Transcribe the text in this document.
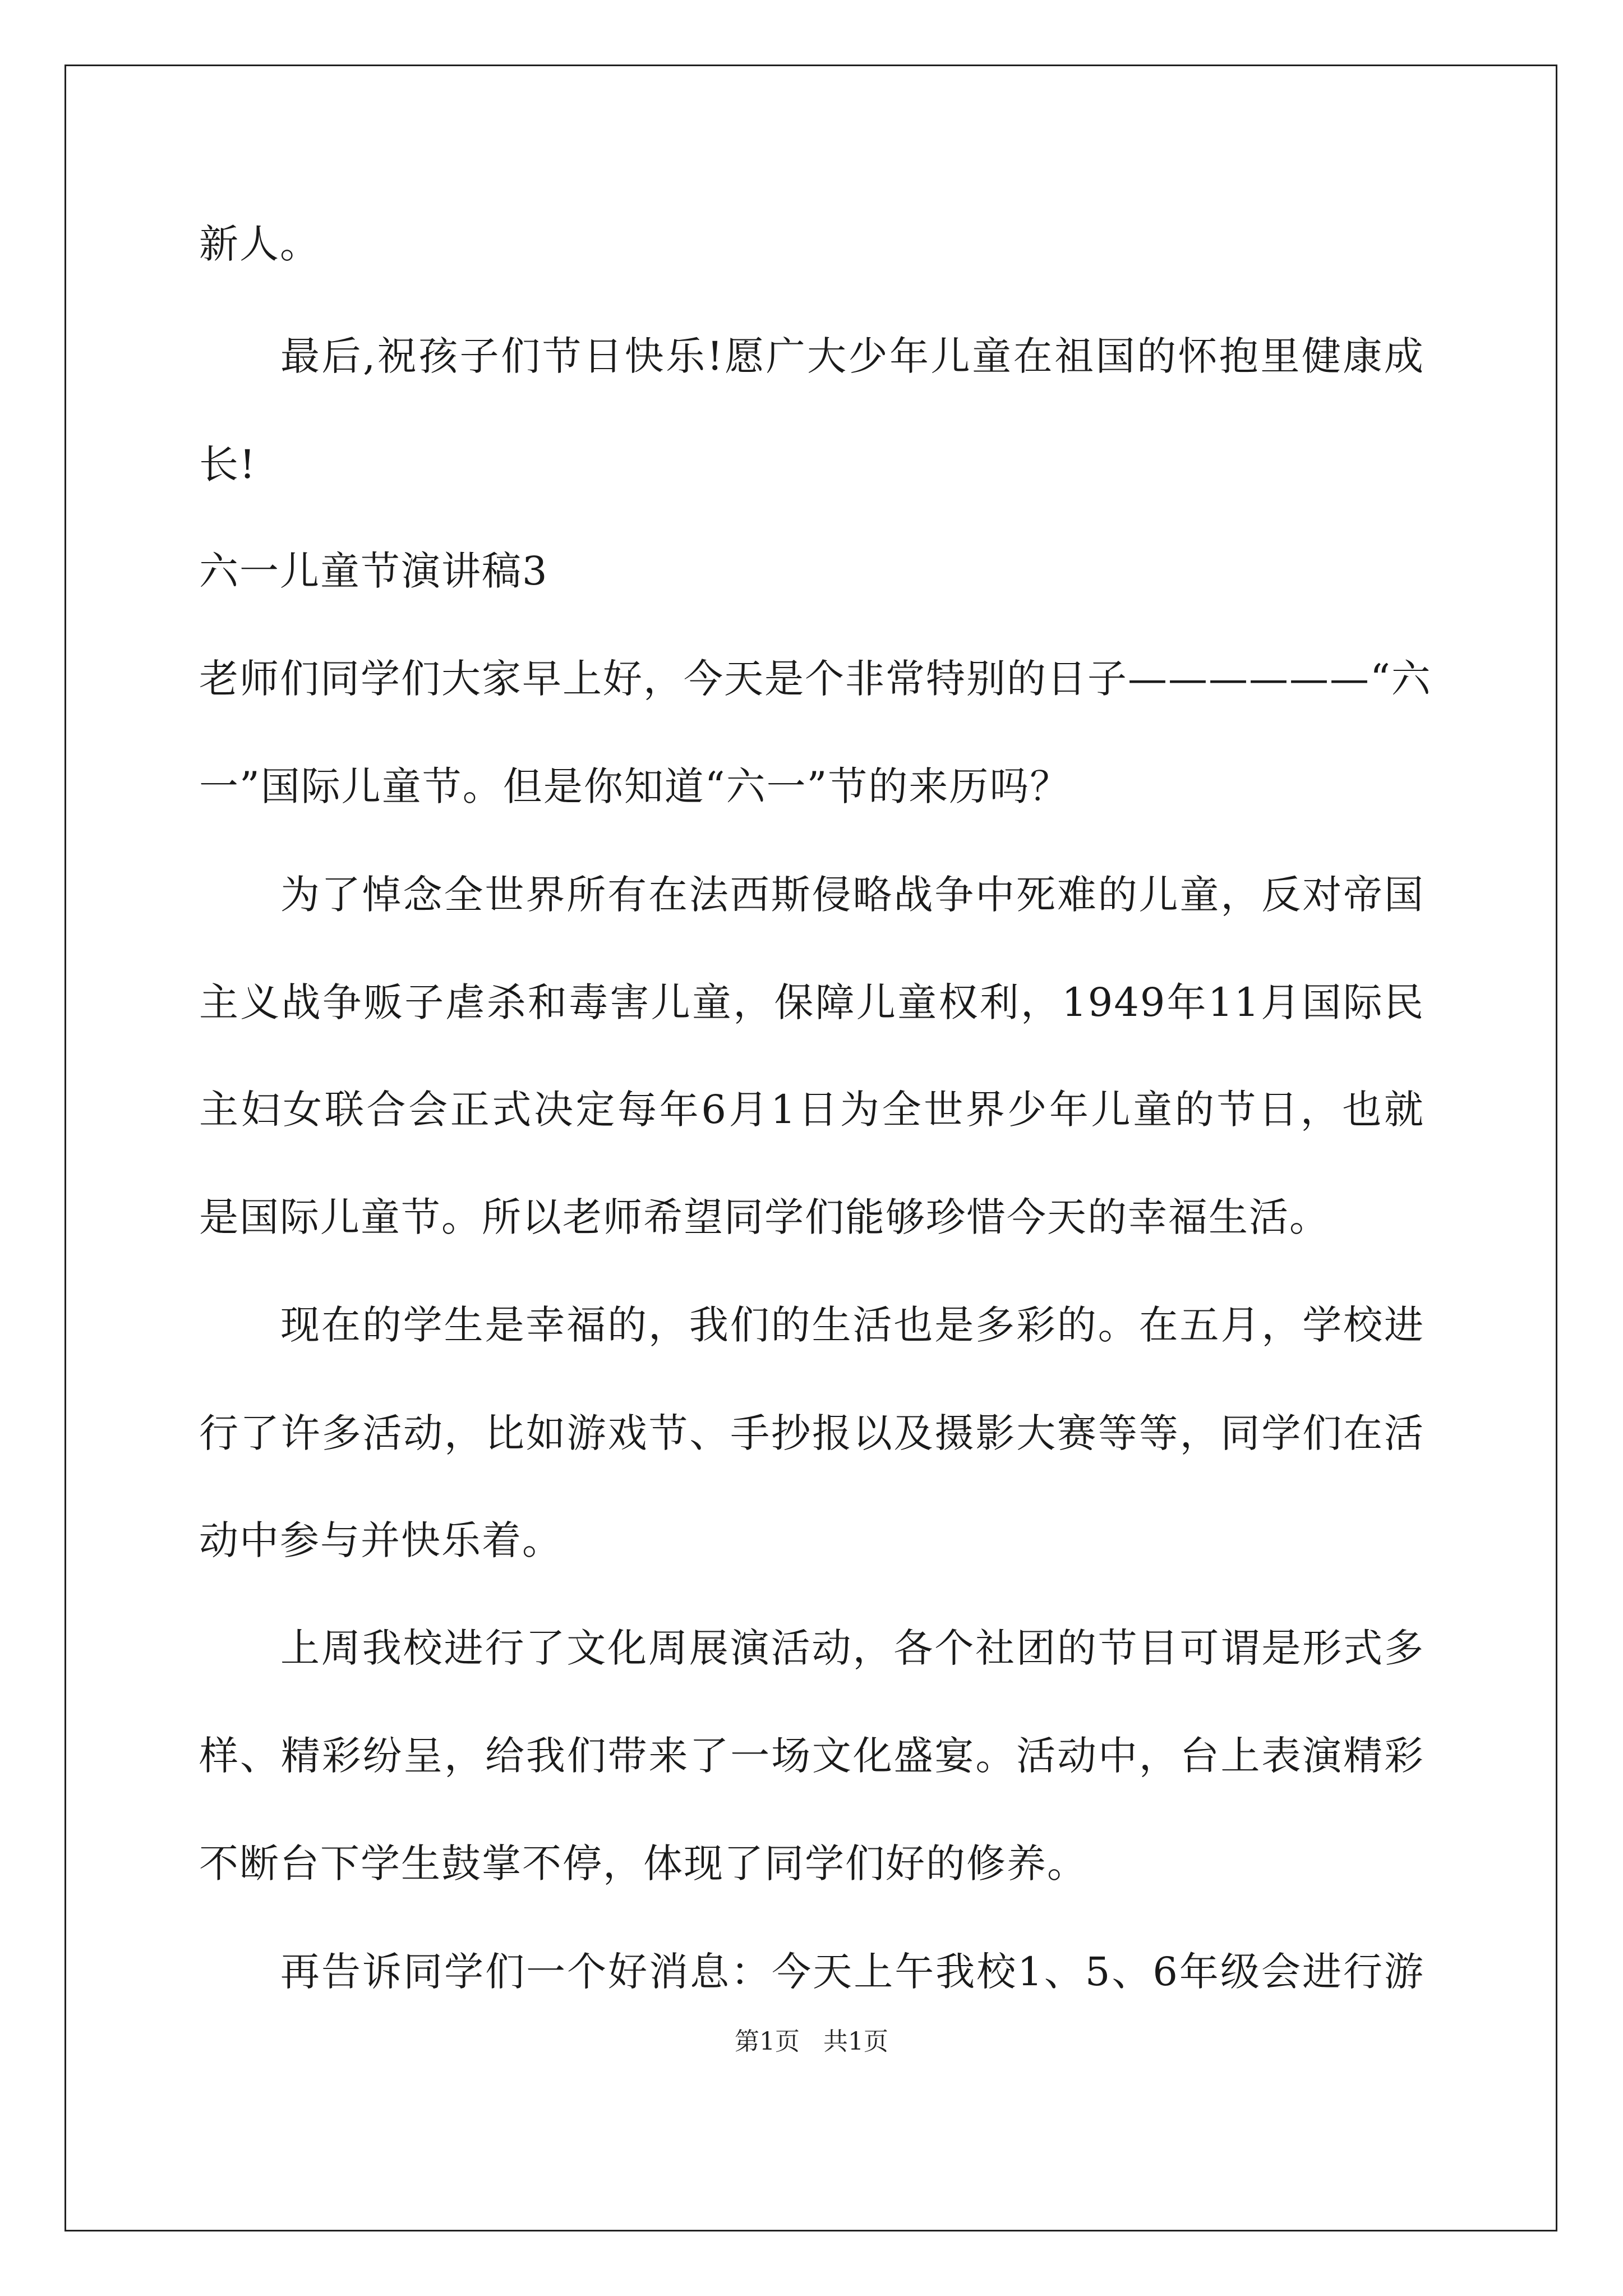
新人。
最后,祝孩子们节日快乐!愿广大少年儿童在祖国的怀抱里健康成
长!
六一儿童节演讲稿3
老师们同学们大家早上好，今天是个非常特别的日子——————“六
一”国际儿童节。但是你知道“六一”节的来历吗？
为了悼念全世界所有在法西斯侵略战争中死难的儿童，反对帝国
主义战争贩子虐杀和毒害儿童，保障儿童权利，1949年11月国际民
主妇女联合会正式决定每年6月1日为全世界少年儿童的节日，也就
是国际儿童节。所以老师希望同学们能够珍惜今天的幸福生活。
现在的学生是幸福的，我们的生活也是多彩的。在五月，学校进
行了许多活动，比如游戏节、手抄报以及摄影大赛等等，同学们在活
动中参与并快乐着。
上周我校进行了文化周展演活动，各个社团的节目可谓是形式多
样、精彩纷呈，给我们带来了一场文化盛宴。活动中，台上表演精彩
不断台下学生鼓掌不停，体现了同学们好的修养。
再告诉同学们一个好消息：今天上午我校1、5、6年级会进行游
第1页   共1页
